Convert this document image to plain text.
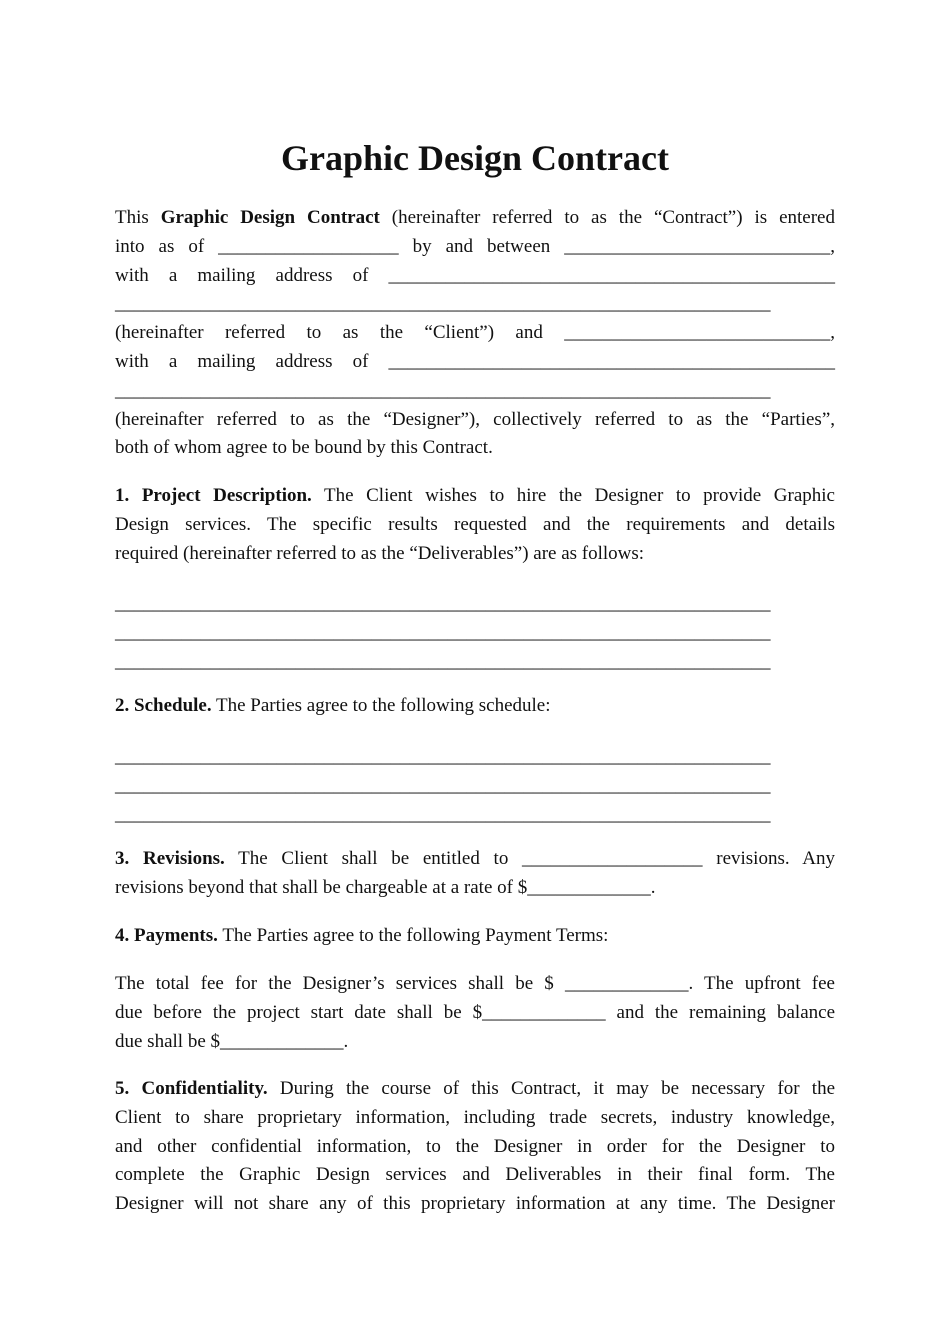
Graphic Design Contract
This Graphic Design Contract (hereinafter referred to as the “Contract”) is entered
into as of ___________________ by and between ____________________________,
with a mailing address of _______________________________________________
_____________________________________________________________________
(hereinafter referred to as the “Client”) and ____________________________,
with a mailing address of _______________________________________________
_____________________________________________________________________
(hereinafter referred to as the “Designer”), collectively referred to as the “Parties”,
both of whom agree to be bound by this Contract.
1. Project Description. The Client wishes to hire the Designer to provide Graphic
Design services. The specific results requested and the requirements and details
required (hereinafter referred to as the “Deliverables”) are as follows:
_____________________________________________________________________
_____________________________________________________________________
_____________________________________________________________________
2. Schedule. The Parties agree to the following schedule:
_____________________________________________________________________
_____________________________________________________________________
_____________________________________________________________________
3. Revisions. The Client shall be entitled to ___________________ revisions. Any
revisions beyond that shall be chargeable at a rate of $_____________.
4. Payments. The Parties agree to the following Payment Terms:
The total fee for the Designer’s services shall be $ _____________. The upfront fee
due before the project start date shall be $_____________ and the remaining balance
due shall be $_____________.
5. Confidentiality. During the course of this Contract, it may be necessary for the
Client to share proprietary information, including trade secrets, industry knowledge,
and other confidential information, to the Designer in order for the Designer to
complete the Graphic Design services and Deliverables in their final form. The
Designer will not share any of this proprietary information at any time. The Designer
